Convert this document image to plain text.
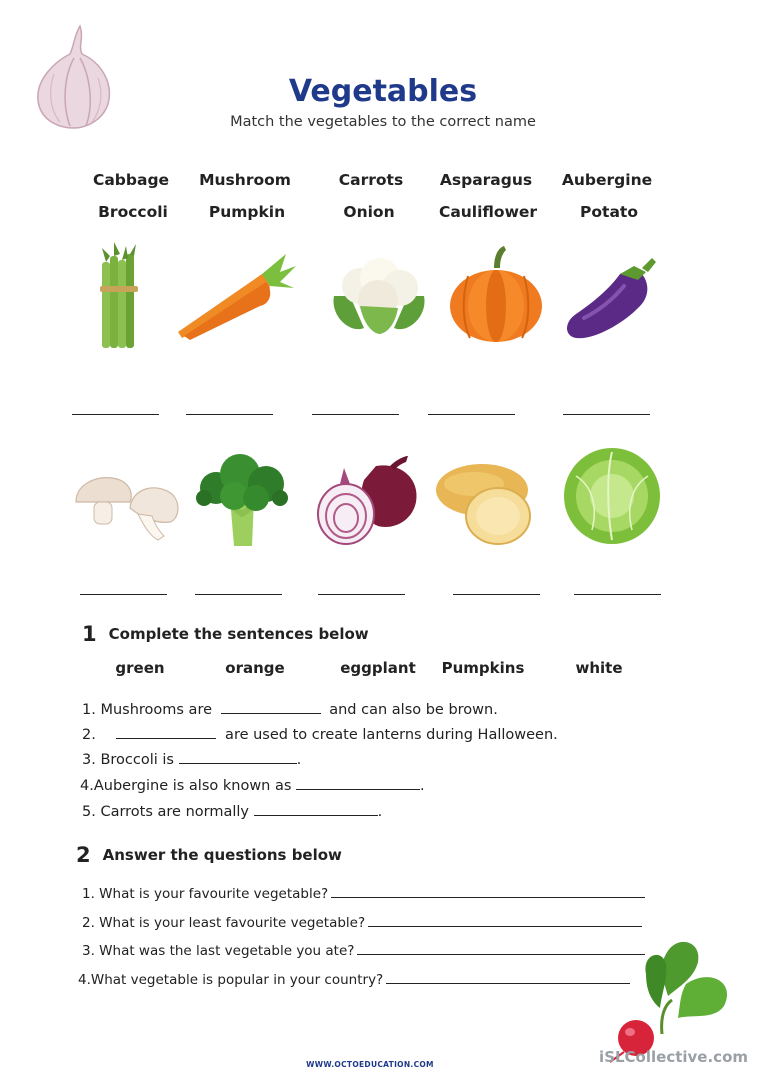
Vegetables
Match the vegetables to the correct name
Cabbage	Mushroom	Carrots	Asparagus	Aubergine
Broccoli	Pumpkin	Onion	Cauliflower	Potato
1 Complete the sentences below
green	orange	eggplant	Pumpkins	white
1. Mushrooms are	and can also be brown.
2.	are used to create lanterns during Halloween.
3. Broccoli is	.
4.Aubergine is also known as	.
5. Carrots are normally	.
2 Answer the questions below
1. What is your favourite vegetable?
2. What is your least favourite vegetable?
3. What was the last vegetable you ate?
4.What vegetable is popular in your country?
WWW.OCTOEDUCATION.COM	iSLCollective.com
